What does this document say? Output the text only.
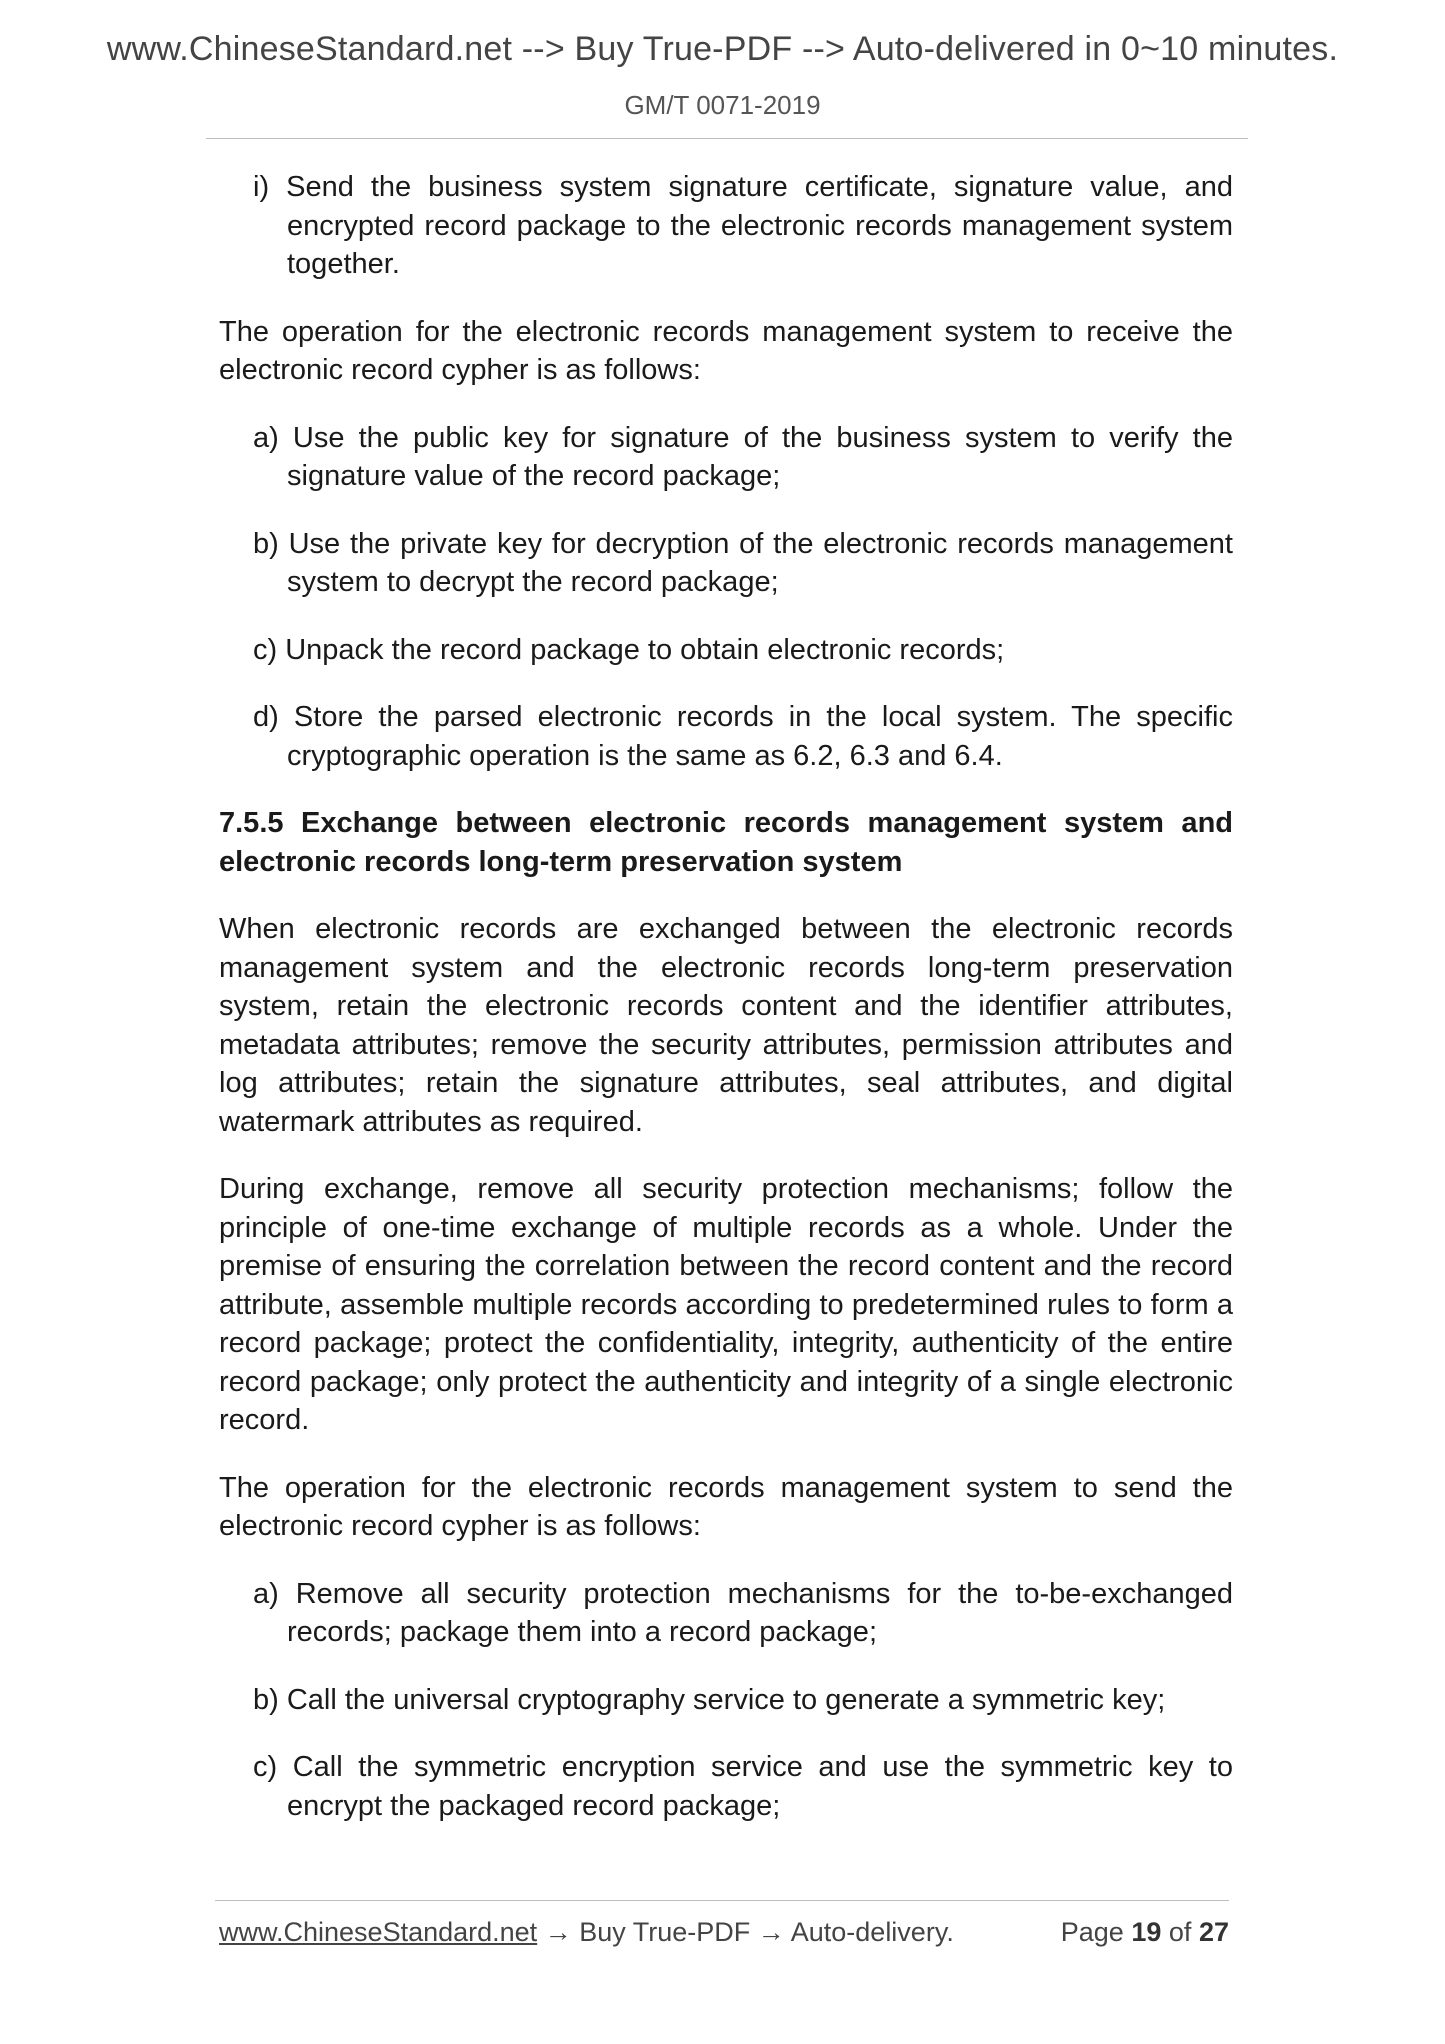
www.ChineseStandard.net --> Buy True-PDF --> Auto-delivered in 0~10 minutes.
GM/T 0071-2019

i) Send the business system signature certificate, signature value, and encrypted record package to the electronic records management system together.

The operation for the electronic records management system to receive the electronic record cypher is as follows:

a) Use the public key for signature of the business system to verify the signature value of the record package;

b) Use the private key for decryption of the electronic records management system to decrypt the record package;

c) Unpack the record package to obtain electronic records;

d) Store the parsed electronic records in the local system. The specific cryptographic operation is the same as 6.2, 6.3 and 6.4.

7.5.5 Exchange between electronic records management system and electronic records long-term preservation system

When electronic records are exchanged between the electronic records management system and the electronic records long-term preservation system, retain the electronic records content and the identifier attributes, metadata attributes; remove the security attributes, permission attributes and log attributes; retain the signature attributes, seal attributes, and digital watermark attributes as required.

During exchange, remove all security protection mechanisms; follow the principle of one-time exchange of multiple records as a whole. Under the premise of ensuring the correlation between the record content and the record attribute, assemble multiple records according to predetermined rules to form a record package; protect the confidentiality, integrity, authenticity of the entire record package; only protect the authenticity and integrity of a single electronic record.

The operation for the electronic records management system to send the electronic record cypher is as follows:

a) Remove all security protection mechanisms for the to-be-exchanged records; package them into a record package;

b) Call the universal cryptography service to generate a symmetric key;

c) Call the symmetric encryption service and use the symmetric key to encrypt the packaged record package;

www.ChineseStandard.net → Buy True-PDF → Auto-delivery.	Page 19 of 27
